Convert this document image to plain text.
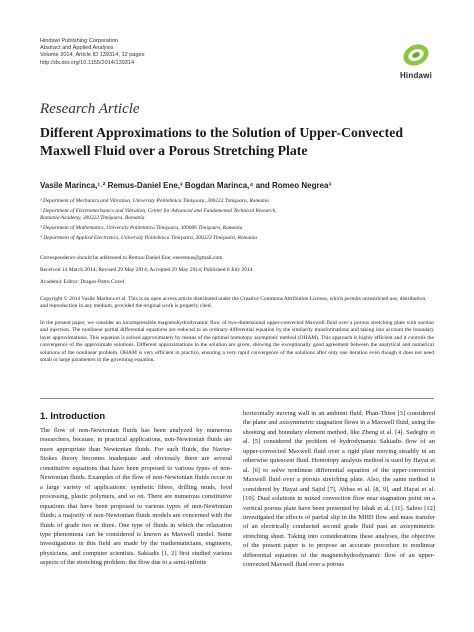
Hindawi Publishing Corporation
Abstract and Applied Analysis
Volume 2014, Article ID 139314, 12 pages
http://dx.doi.org/10.1155/2014/139314
Hindawi
Research Article
Different Approximations to the Solution of Upper-Convected Maxwell Fluid over a Porous Stretching Plate
Vasile Marinca,¹˒² Remus-Daniel Ene,³ Bogdan Marinca,⁴ and Romeo Negrea³
¹ Department of Mechanics and Vibration, University Politehnica Timişoara, 300222 Timişoara, Romania
² Department of Electromechanics and Vibration, Center for Advanced and Fundamental Technical Research,
Romania Academy, 300222 Timişoara, Romania
³ Department of Mathematics, University Politehnica Timişoara, 300006 Timişoara, Romania
⁴ Department of Applied Electronics, University Politehnica Timişoara, 300223 Timişoara, Romania
Correspondence should be addressed to Remus-Daniel Ene; eneremus@gmail.com
Received 14 March 2014; Revised 29 May 2014; Accepted 29 May 2014; Published 6 July 2014
Academic Editor: Dragos-Patru Covei
Copyright © 2014 Vasile Marinca et al. This is an open access article distributed under the Creative Commons Attribution License, which permits unrestricted use, distribution, and reproduction in any medium, provided the original work is properly cited.
In the present paper, we consider an incompressible magnetohydrodynamic flow of two-dimensional upper-convected Maxwell fluid over a porous stretching plate with suction and injection. The nonlinear partial differential equations are reduced to an ordinary differential equation by the similarity transformations and taking into account the boundary layer approximations. This equation is solved approximately by means of the optimal homotopy asymptotic method (OHAM). This approach is highly efficient and it controls the convergence of the approximate solutions. Different approximations to the solution are given, showing the exceptionally good agreement between the analytical and numerical solutions of the nonlinear problem. OHAM is very efficient in practice, ensuring a very rapid convergence of the solutions after only one iteration even though it does not need small or large parameters in the governing equation.
1. Introduction
The flow of non-Newtonian fluids has been analyzed by numerous researchers, because, in practical applications, non-Newtonian fluids are more appropriate than Newtonian fluids. For such fluids, the Navier-Stokes theory becomes inadequate and obviously there are several constitutive equations that have been proposed to various types of non-Newtonian fluids. Examples of the flow of non-Newtonian fluids occur in a large variety of applications: synthetic fibres, drilling muds, food processing, plastic polymers, and so on. There are numerous constitutive equations that have been proposed to various types of non-Newtonian fluids; a majority of non-Newtonian fluids models are concerned with the fluids of grade two or three. One type of fluids in which the relaxation type phenomena can be considered is known as Maxwell model. Some investigations in this field are made by the mathematicians, engineers, physicians, and computer scientists. Sakiadis [1, 2] first studied various aspects of the stretching problem: the flow due to a semi-infinite
horizontally moving wall in an ambient fluid. Phan-Thien [3] considered the plane and axisymmetric stagnation flows in a Maxwell fluid, using the shooting and boundary element method, like Zheng et al. [4]. Sadeghy et al. [5] considered the problem of hydrodynamic Sakiadis flow of an upper-convected Maxwell fluid over a rigid plate moving steadily in an otherwise quiescent fluid. Homotopy analysis method is used by Hayat et al. [6] to solve nonlinear differential equation of the upper-convected Maxwell fluid over a porous stretching plate. Also, the same method is considered by Hayat and Sajid [7], Abbas et al. [8, 9], and Hayat et al. [10]. Dual solutions in mixed convection flow near stagnation point on a vertical porous plate have been presented by Ishak et al. [11]. Sahoo [12] investigated the effects of partial slip in the MHD flow and mass transfer of an electrically conducted second grade fluid past an axisymmetric stretching sheet. Taking into considerations these analyses, the objective of the present paper is to propose an accurate procedure to nonlinear differential equation of the magnetohydrodynamic flow of an upper-convected Maxwell fluid over a porous
